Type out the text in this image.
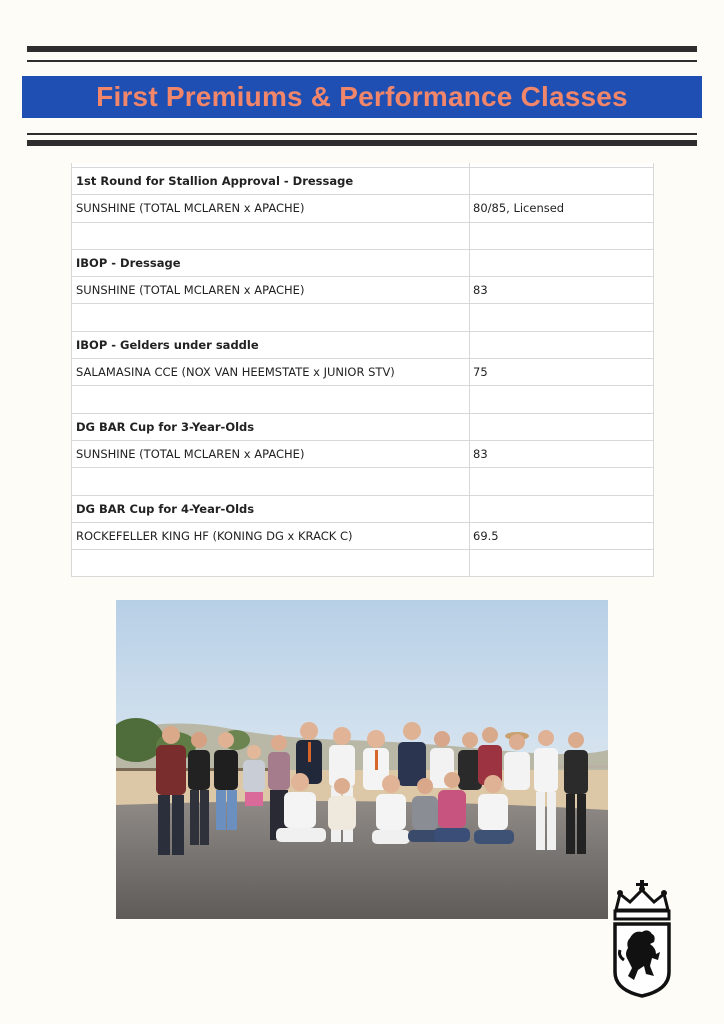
First Premiums & Performance Classes

1st Round for Stallion Approval - Dressage	
SUNSHINE (TOTAL MCLAREN x APACHE)	80/85, Licensed

IBOP - Dressage	
SUNSHINE (TOTAL MCLAREN x APACHE)	83

IBOP - Gelders under saddle	
SALAMASINA CCE (NOX VAN HEEMSTATE x JUNIOR STV)	75

DG BAR Cup for 3-Year-Olds	
SUNSHINE (TOTAL MCLAREN x APACHE)	83

DG BAR Cup for 4-Year-Olds	
ROCKEFELLER KING HF (KONING DG x KRACK C)	69.5
